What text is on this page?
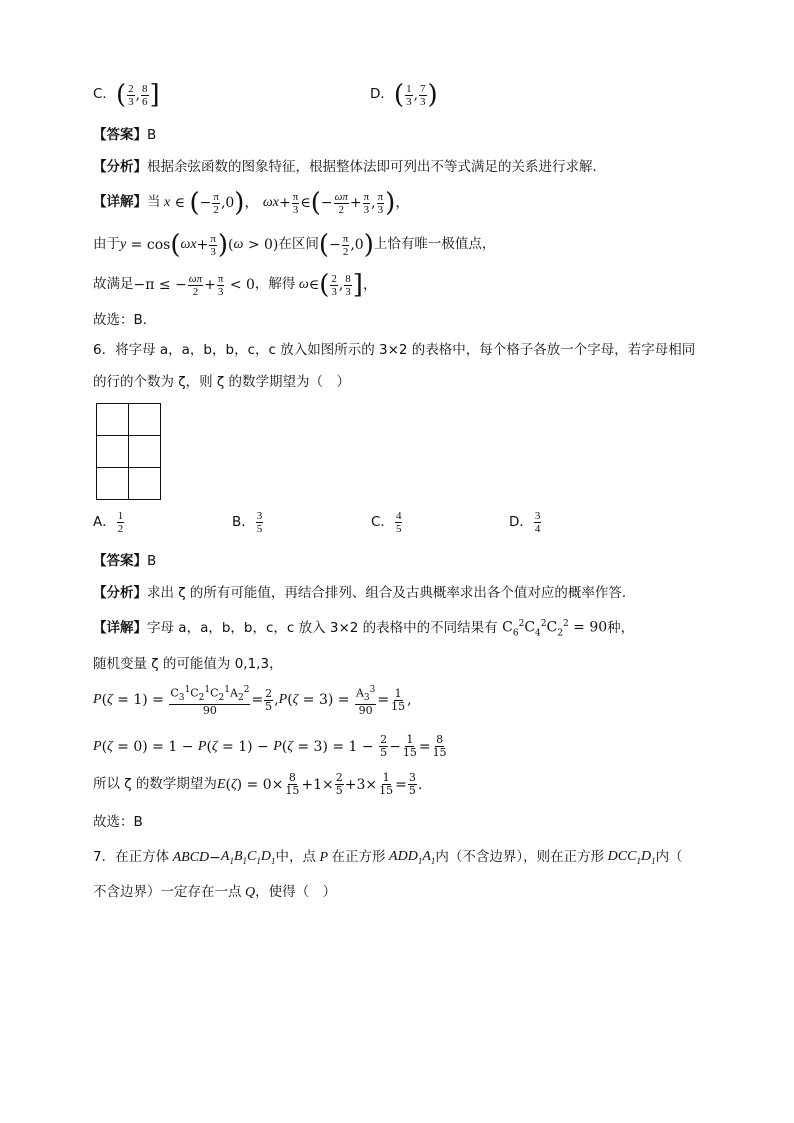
C． ( $\frac{2}{3}$ , $\frac{8}{6}$ ]	D． ( $\frac{1}{3}$ , $\frac{7}{3}$ )
【答案】B
【分析】根据余弦函数的图象特征，根据整体法即可列出不等式满足的关系进行求解．
【详解】 当 x ∈ ( − $\frac{\pi}{2} ,0$ ) ， $\omega x + \frac{\pi}{3}$ ∈ ( − $\frac{\omega\pi}{2} + \frac{\pi}{3}$ , $\frac{\pi}{3}$ ) ，
由于 y = cos ( $\omega x + \frac{\pi}{3}$ ) ( ω > 0) 在区间 ( − $\frac{\pi}{2} ,0$ ) 上恰有唯一极值点，
故满足 −π ≤ − $\frac{\omega\pi}{2} + \frac{\pi}{3} < 0$ ，解得 ω ∈ ( $\frac{2}{3}$ , $\frac{8}{3}$ ] ，
故选：B．
6．将字母 a，a，b，b，c，c 放入如图所示的 3×2 的表格中，每个格子各放一个字母，若字母相同
的行的个数为 ζ，则 ζ 的数学期望为（　）

A． $\frac{1}{2}$	B． $\frac{3}{5}$	C． $\frac{4}{5}$	D． $\frac{3}{4}$
【答案】B
【分析】求出 ζ 的所有可能值，再结合排列、组合及古典概率求出各个值对应的概率作答．
【详解】 字母 a，a，b，b，c，c 放入 3×2 的表格中的不同结果有 $C_6^2C_4^2C_2^2 = 90$ 种，
随机变量 ζ 的可能值为 0,1,3，
P ( $\zeta = 1) = \frac{C_3^1C_2^1C_2^1A_2^2}{90} = \frac{2}{5}$ , P ( $\zeta = 3) = \frac{A_3^3}{90} = \frac{1}{15}$ ,
P ( ζ = 0) = 1 − P ( ζ = 1) − P ( $\zeta = 3) = 1 - \frac{2}{5} - \frac{1}{15} = \frac{8}{15}$
所以 ζ 的数学期望为 E ( ζ ) = $0\times \frac{8}{15} +1\times \frac{2}{5} +3\times \frac{1}{15} = \frac{3}{5}$ .
故选：B
7．在正方体 ABCD − $A_1B_1C_1D_1$ 中，点 P 在正方形 $ADD_1A_1$ 内（不含边界），则在正方形 $DCC_1D_1$ 内（
不含边界）一定存在一点 Q ，使得（　）
